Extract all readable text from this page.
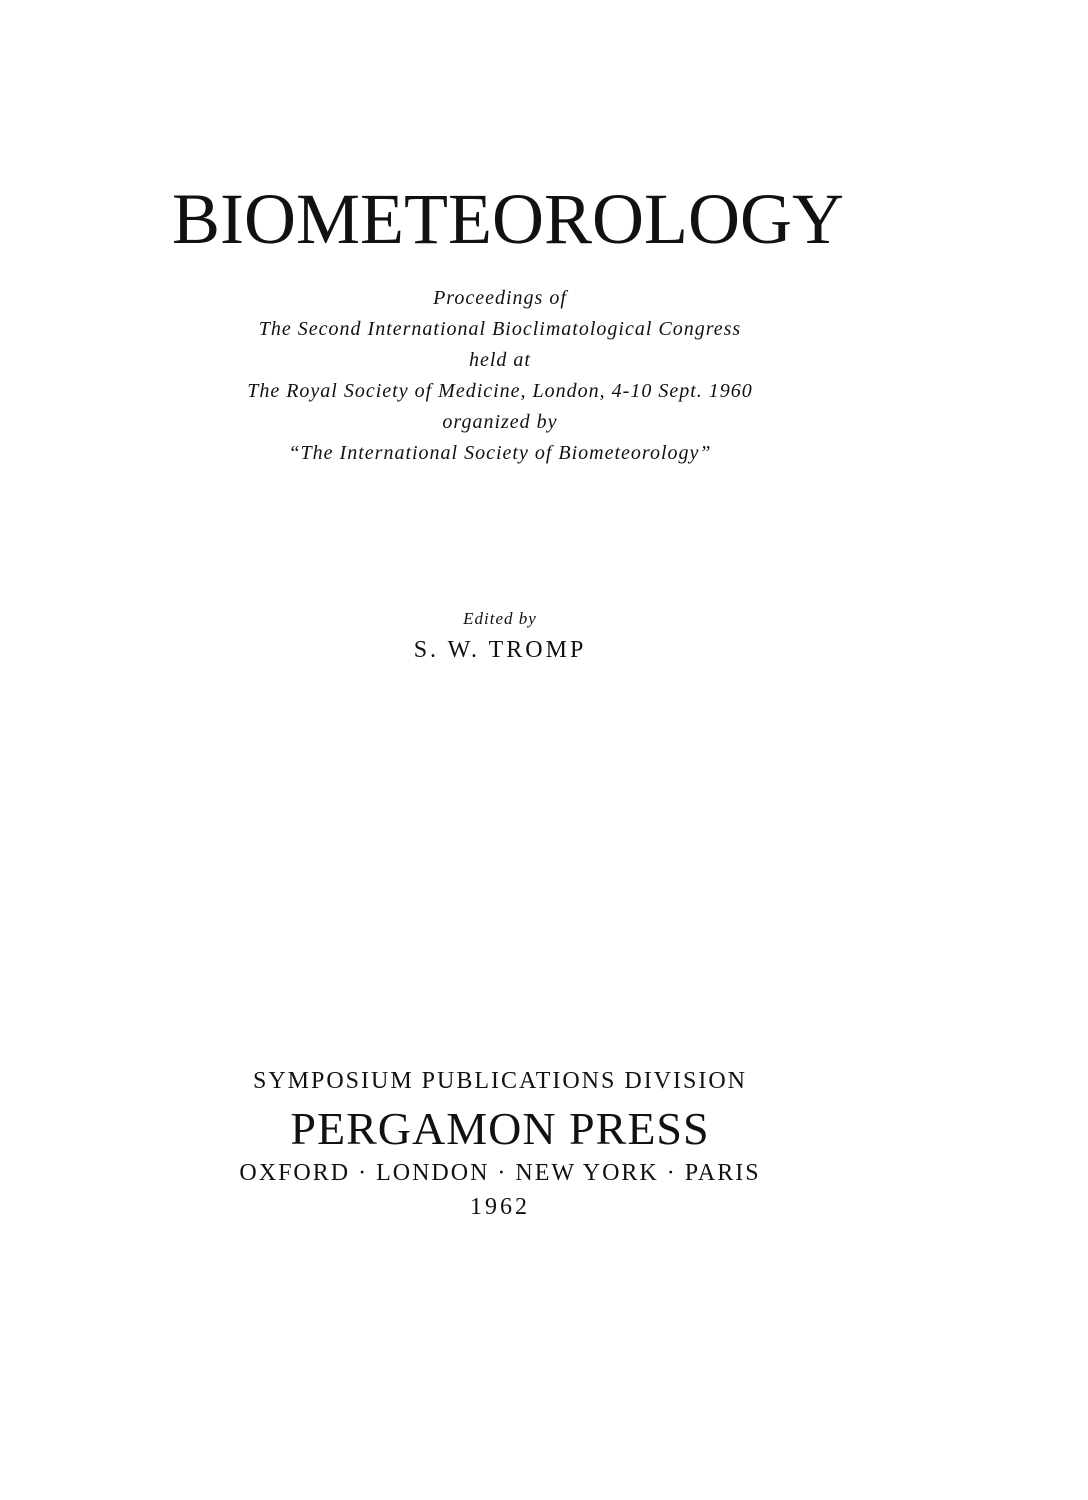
BIOMETEOROLOGY
Proceedings of
The Second International Bioclimatological Congress
held at
The Royal Society of Medicine, London, 4-10 Sept. 1960
organized by
“The International Society of Biometeorology”
Edited by
S. W. TROMP
SYMPOSIUM PUBLICATIONS DIVISION
PERGAMON PRESS
OXFORD · LONDON · NEW YORK · PARIS
1962
